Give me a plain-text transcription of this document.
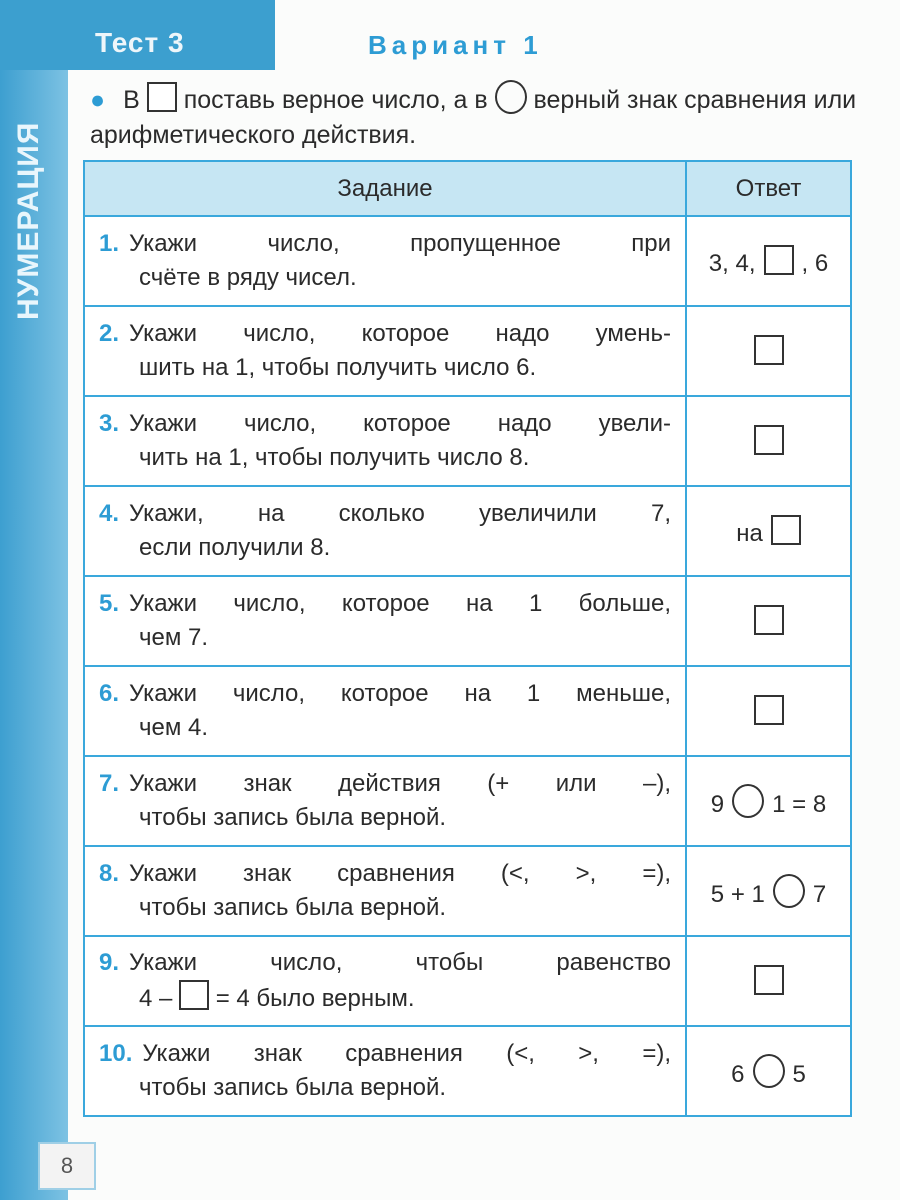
НУМЕРАЦИЯ
Тест 3	Вариант 1
● В поставь верное число, а в верный знак сравнения или арифметического действия.
Задание	Ответ

1. Укажи число, пропущенное при
счёте в ряду чисел.	3, 4, , 6

2. Укажи число, которое надо умень-
шить на 1, чтобы получить число 6.	

3. Укажи число, которое надо увели-
чить на 1, чтобы получить число 8.	

4. Укажи, на сколько увеличили 7,
если получили 8.	на

5. Укажи число, которое на 1 больше,
чем 7.	

6. Укажи число, которое на 1 меньше,
чем 4.	

7. Укажи знак действия (+ или –),
чтобы запись была верной.	9 1 = 8

8. Укажи знак сравнения (<, >, =),
чтобы запись была верной.	5 + 1 7

9. Укажи число, чтобы равенство
4 – = 4 было верным.	

10. Укажи знак сравнения (<, >, =),
чтобы запись была верной.	6 5
8
